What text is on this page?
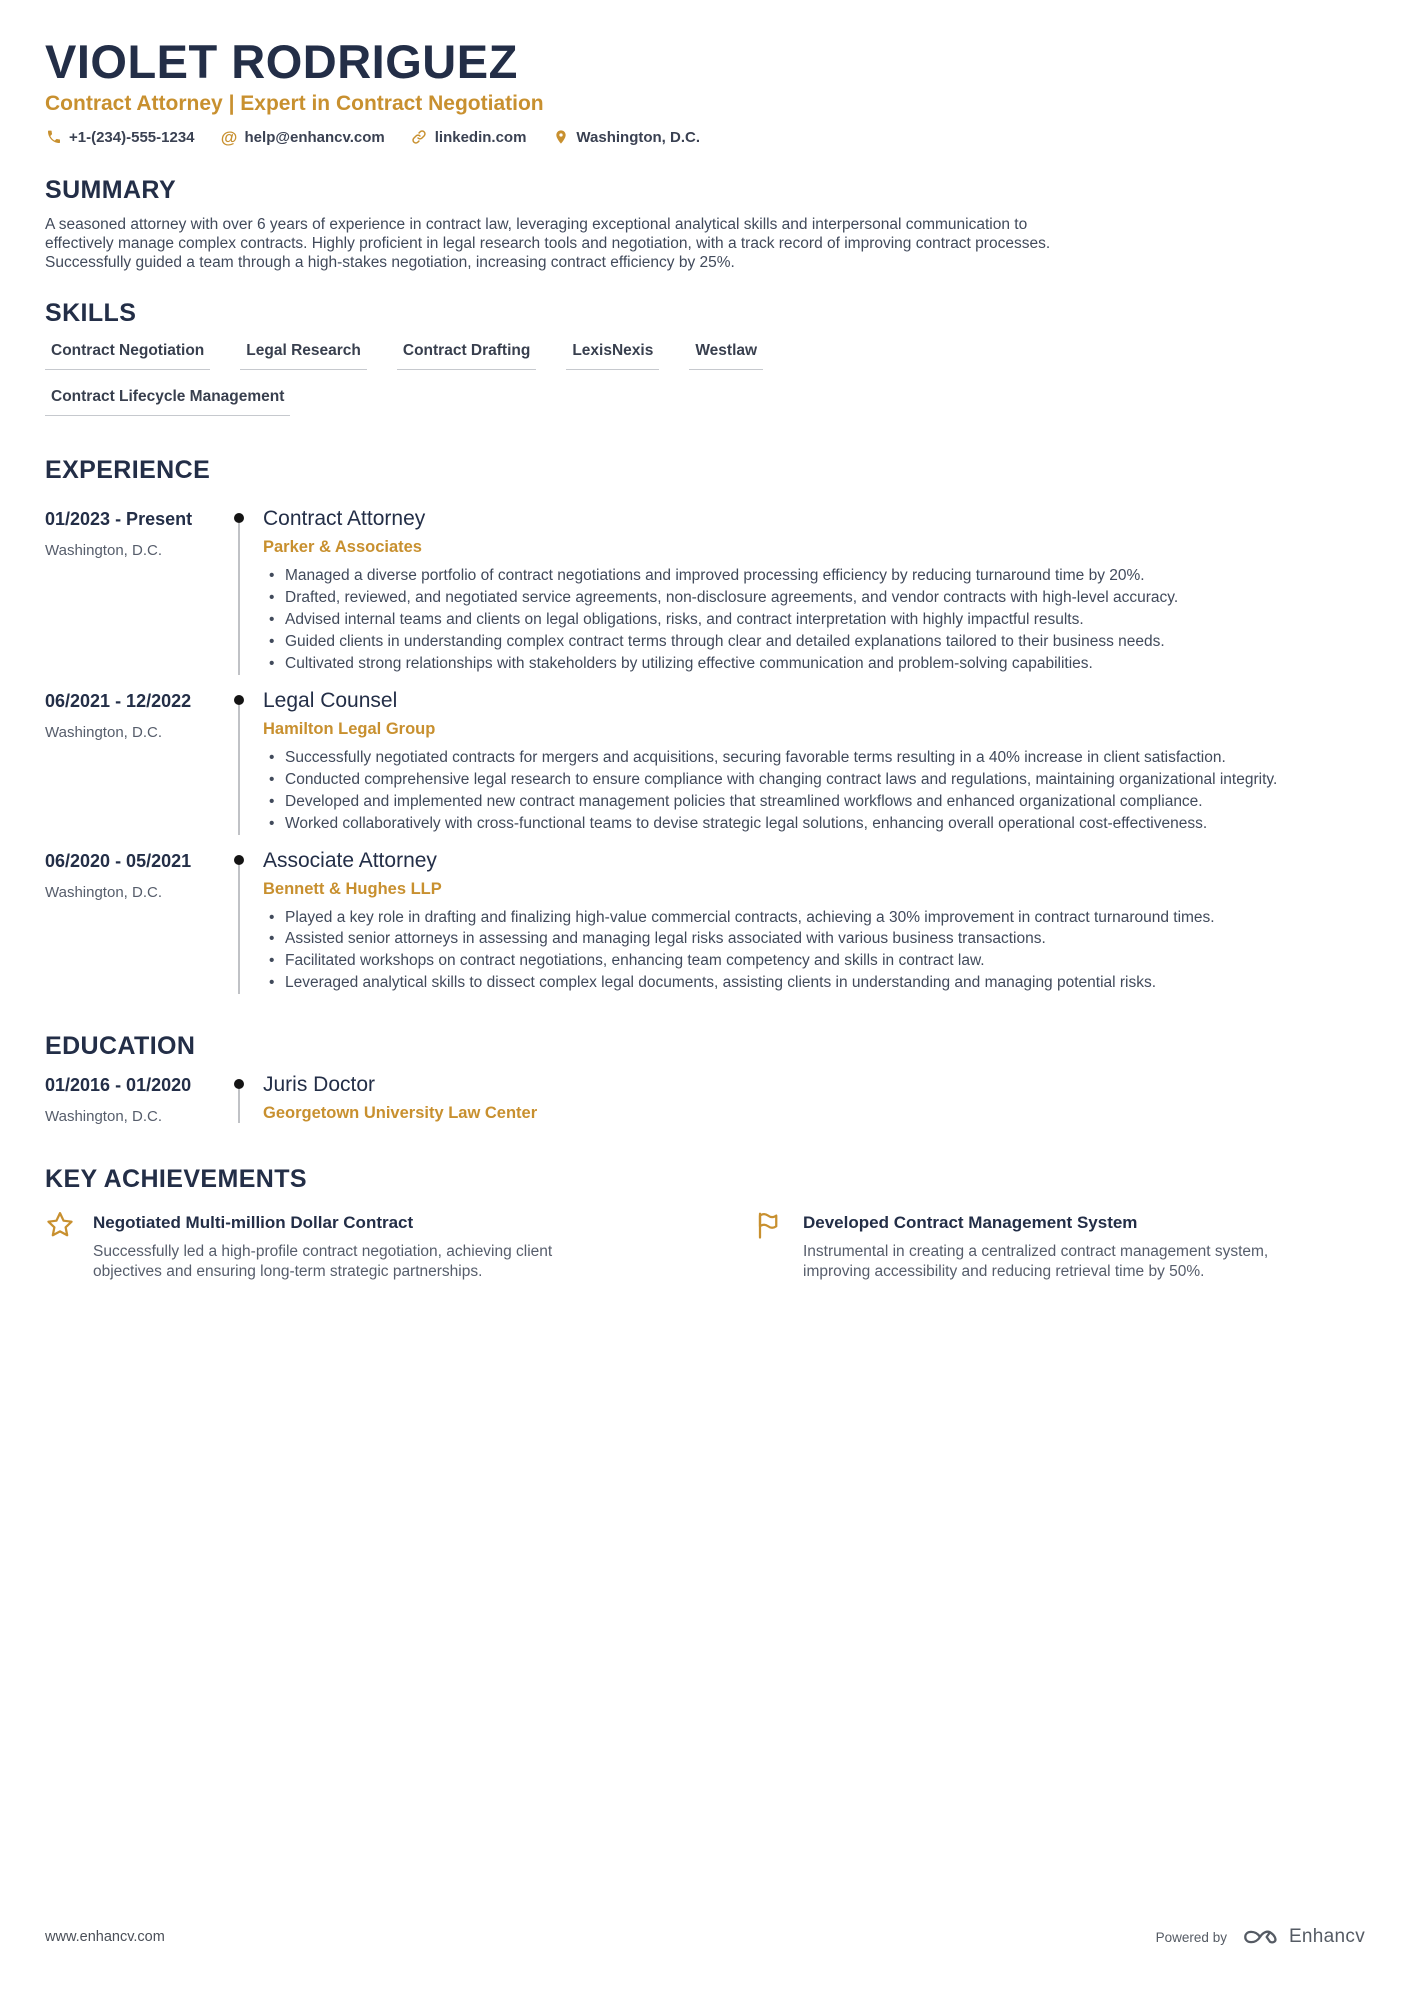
VIOLET RODRIGUEZ
Contract Attorney | Expert in Contract Negotiation
+1-(234)-555-1234 @ help@enhancv.com	linkedin.com	Washington, D.C.
SUMMARY
A seasoned attorney with over 6 years of experience in contract law, leveraging exceptional analytical skills and interpersonal communication to effectively manage complex contracts. Highly proficient in legal research tools and negotiation, with a track record of improving contract processes. Successfully guided a team through a high-stakes negotiation, increasing contract efficiency by 25%.
SKILLS
Contract Negotiation	Legal Research	Contract Drafting	LexisNexis	Westlaw
Contract Lifecycle Management
EXPERIENCE
01/2023 - Present
Washington, D.C.
Contract Attorney
Parker & Associates
• Managed a diverse portfolio of contract negotiations and improved processing efficiency by reducing turnaround time by 20%.
• Drafted, reviewed, and negotiated service agreements, non-disclosure agreements, and vendor contracts with high-level accuracy.
• Advised internal teams and clients on legal obligations, risks, and contract interpretation with highly impactful results.
• Guided clients in understanding complex contract terms through clear and detailed explanations tailored to their business needs.
• Cultivated strong relationships with stakeholders by utilizing effective communication and problem-solving capabilities.
06/2021 - 12/2022
Washington, D.C.
Legal Counsel
Hamilton Legal Group
• Successfully negotiated contracts for mergers and acquisitions, securing favorable terms resulting in a 40% increase in client satisfaction.
• Conducted comprehensive legal research to ensure compliance with changing contract laws and regulations, maintaining organizational integrity.
• Developed and implemented new contract management policies that streamlined workflows and enhanced organizational compliance.
• Worked collaboratively with cross-functional teams to devise strategic legal solutions, enhancing overall operational cost-effectiveness.
06/2020 - 05/2021
Washington, D.C.
Associate Attorney
Bennett & Hughes LLP
• Played a key role in drafting and finalizing high-value commercial contracts, achieving a 30% improvement in contract turnaround times.
• Assisted senior attorneys in assessing and managing legal risks associated with various business transactions.
• Facilitated workshops on contract negotiations, enhancing team competency and skills in contract law.
• Leveraged analytical skills to dissect complex legal documents, assisting clients in understanding and managing potential risks.
EDUCATION
01/2016 - 01/2020
Washington, D.C.
Juris Doctor
Georgetown University Law Center
KEY ACHIEVEMENTS
Negotiated Multi-million Dollar Contract
Successfully led a high-profile contract negotiation, achieving client objectives and ensuring long-term strategic partnerships.
Developed Contract Management System
Instrumental in creating a centralized contract management system, improving accessibility and reducing retrieval time by 50%.
www.enhancv.com	Powered by	Enhancv
